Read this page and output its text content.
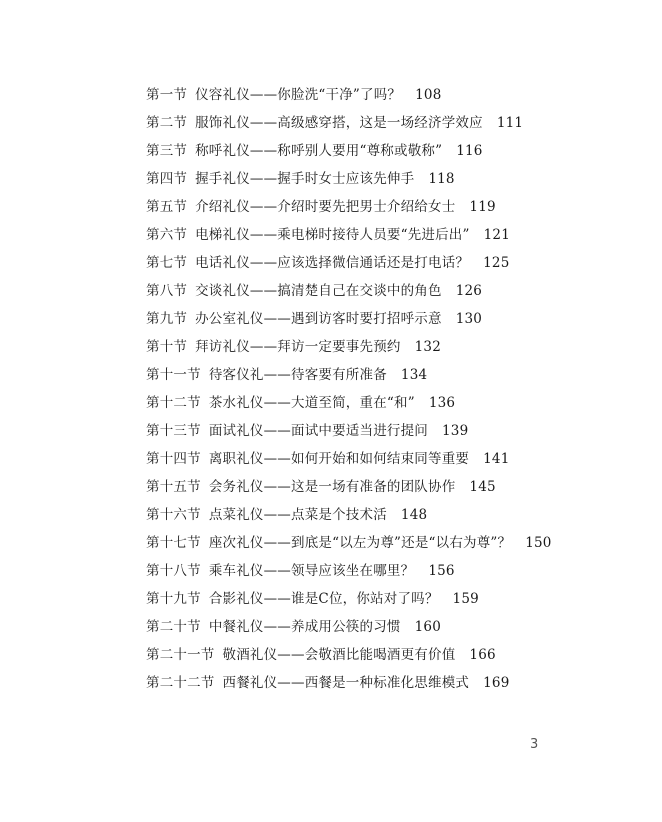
第一节 仪容礼仪——你脸洗“干净”了吗？ 108
第二节 服饰礼仪——高级感穿搭，这是一场经济学效应 111
第三节 称呼礼仪——称呼别人要用“尊称或敬称” 116
第四节 握手礼仪——握手时女士应该先伸手 118
第五节 介绍礼仪——介绍时要先把男士介绍给女士 119
第六节 电梯礼仪——乘电梯时接待人员要“先进后出” 121
第七节 电话礼仪——应该选择微信通话还是打电话？ 125
第八节 交谈礼仪——搞清楚自己在交谈中的角色 126
第九节 办公室礼仪——遇到访客时要打招呼示意 130
第十节 拜访礼仪——拜访一定要事先预约 132
第十一节 待客仪礼——待客要有所准备 134
第十二节 茶水礼仪——大道至简，重在“和” 136
第十三节 面试礼仪——面试中要适当进行提问 139
第十四节 离职礼仪——如何开始和如何结束同等重要 141
第十五节 会务礼仪——这是一场有准备的团队协作 145
第十六节 点菜礼仪——点菜是个技术活 148
第十七节 座次礼仪——到底是“以左为尊”还是“以右为尊”？ 150
第十八节 乘车礼仪——领导应该坐在哪里？ 156
第十九节 合影礼仪——谁是C位，你站对了吗？ 159
第二十节 中餐礼仪——养成用公筷的习惯 160
第二十一节 敬酒礼仪——会敬酒比能喝酒更有价值 166
第二十二节 西餐礼仪——西餐是一种标准化思维模式 169
3
